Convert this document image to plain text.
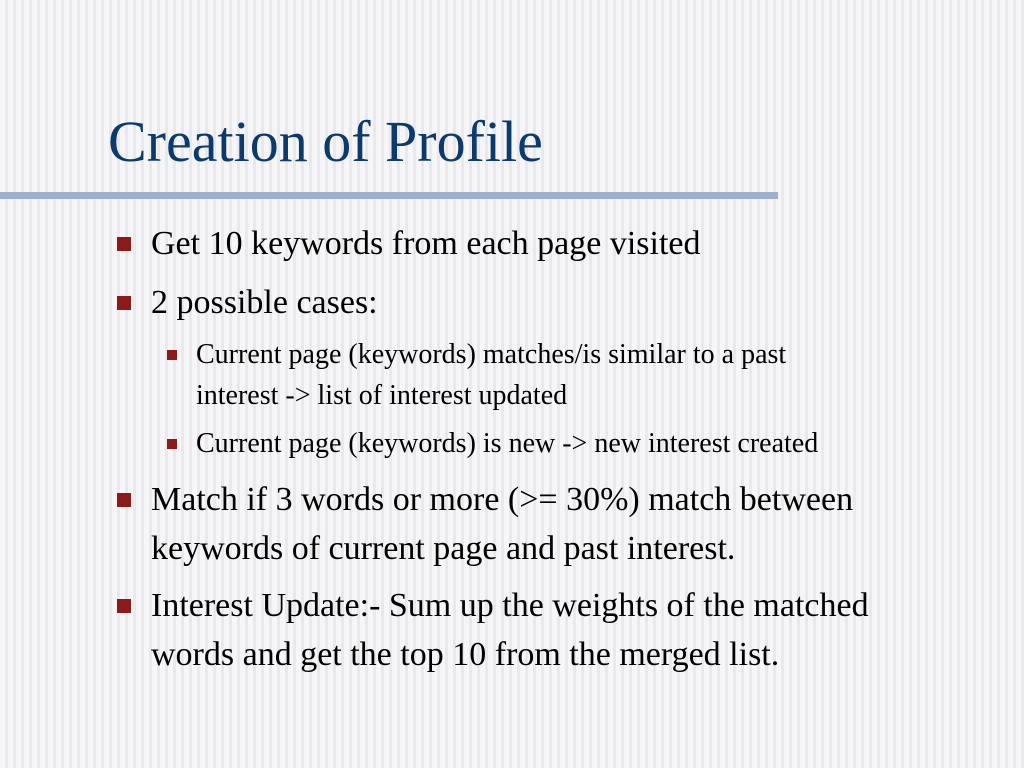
Creation of Profile
Get 10 keywords from each page visited
2 possible cases:
Current page (keywords) matches/is similar to a past
interest -> list of interest updated
Current page (keywords) is new -> new interest created
Match if 3 words or more (>= 30%) match between
keywords of current page and past interest.
Interest Update:- Sum up the weights of the matched
words and get the top 10 from the merged list.
